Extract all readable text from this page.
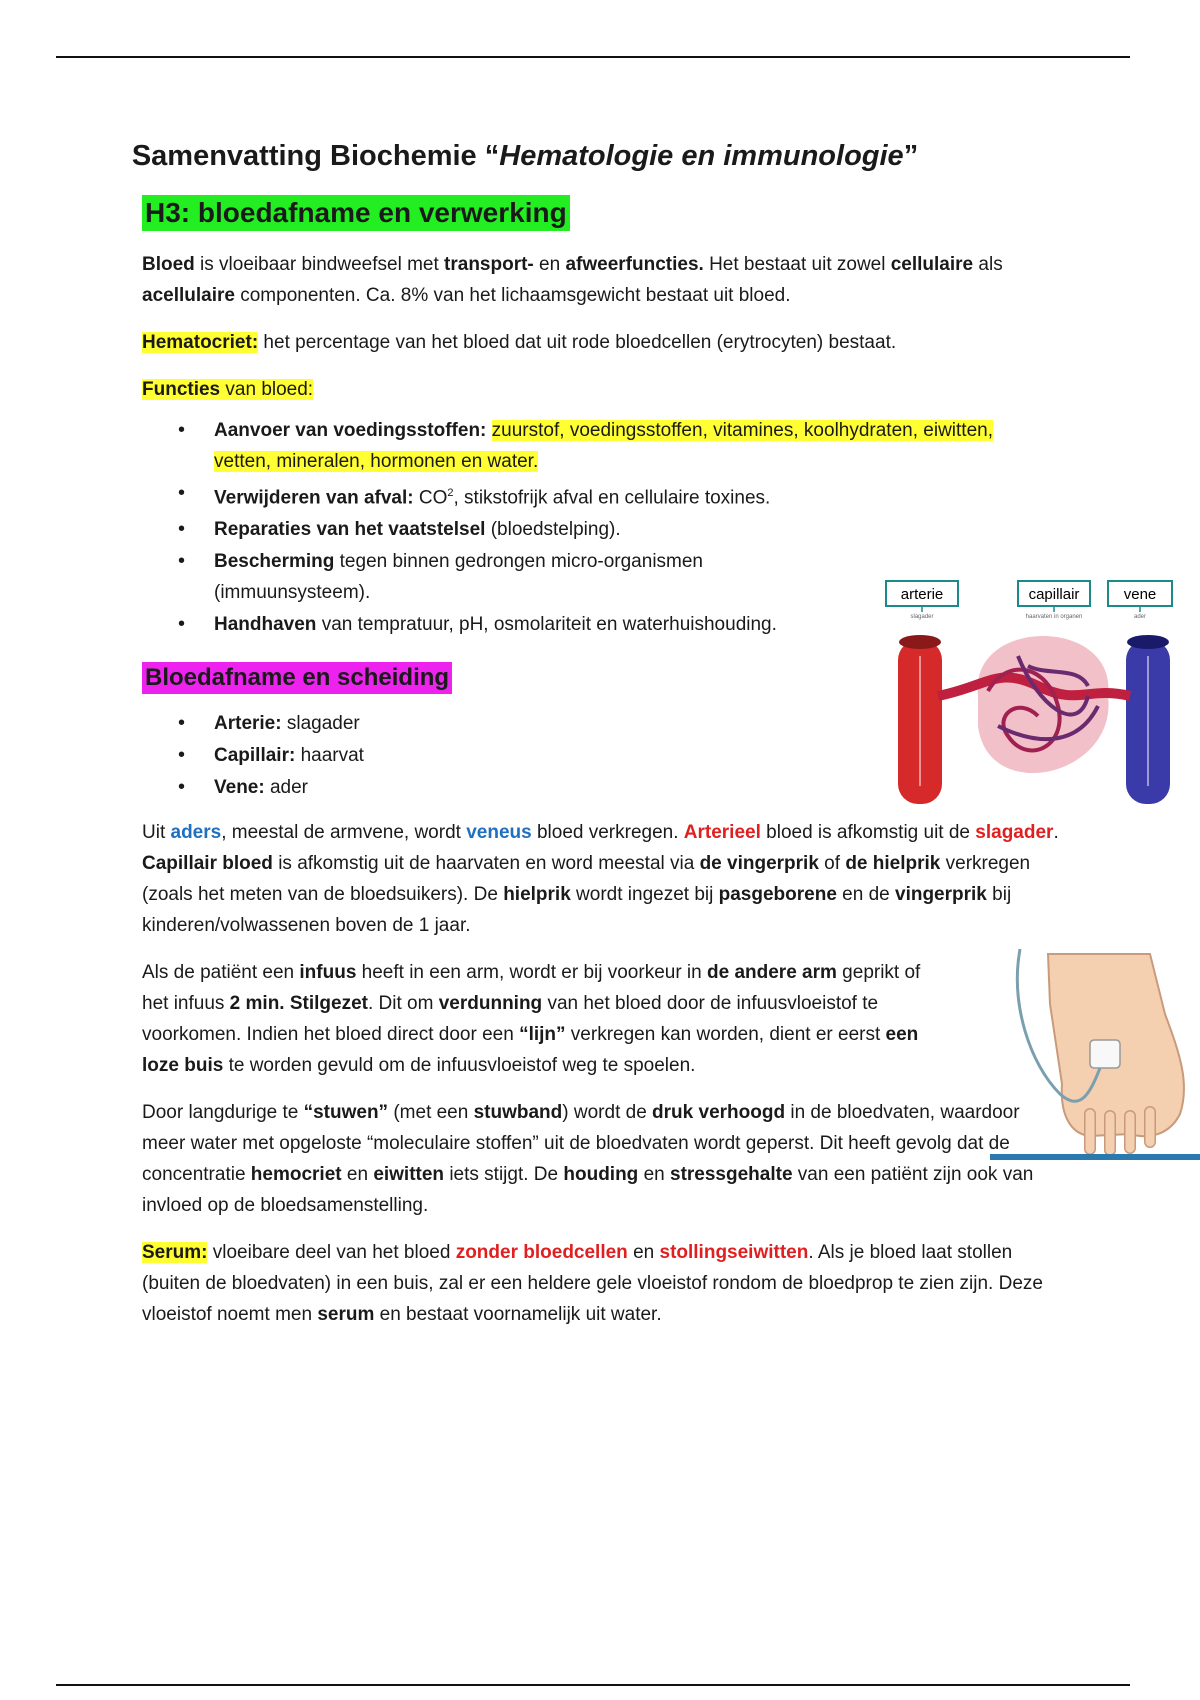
Samenvatting Biochemie “Hematologie en immunologie”
H3: bloedafname en verwerking

Bloed is vloeibaar bindweefsel met transport- en afweerfuncties. Het bestaat uit zowel cellulaire als acellulaire componenten. Ca. 8% van het lichaamsgewicht bestaat uit bloed.

Hematocriet: het percentage van het bloed dat uit rode bloedcellen (erytrocyten) bestaat.

Functies van bloed:

• Aanvoer van voedingsstoffen: zuurstof, voedingsstoffen, vitamines, koolhydraten, eiwitten, vetten, mineralen, hormonen en water.
• Verwijderen van afval: $CO^2$, stikstofrijk afval en cellulaire toxines.
• Reparaties van het vaatstelsel (bloedstelping).
• Bescherming tegen binnen gedrongen micro-organismen (immuunsysteem).
• Handhaven van tempratuur, pH, osmolariteit en waterhuishouding.
Bloedafname en scheiding
• Arterie: slagader
• Capillair: haarvat
• Vene: ader

Uit aders, meestal de armvene, wordt veneus bloed verkregen. Arterieel bloed is afkomstig uit de slagader. Capillair bloed is afkomstig uit de haarvaten en word meestal via de vingerprik of de hielprik verkregen (zoals het meten van de bloedsuikers). De hielprik wordt ingezet bij pasgeborene en de vingerprik bij kinderen/volwassenen boven de 1 jaar.

Als de patiënt een infuus heeft in een arm, wordt er bij voorkeur in de andere arm geprikt of het infuus 2 min. Stilgezet. Dit om verdunning van het bloed door de infuusvloeistof te voorkomen. Indien het bloed direct door een “lijn” verkregen kan worden, dient er eerst een loze buis te worden gevuld om de infuusvloeistof weg te spoelen.

Door langdurige te “stuwen” (met een stuwband) wordt de druk verhoogd in de bloedvaten, waardoor meer water met opgeloste “moleculaire stoffen” uit de bloedvaten wordt geperst. Dit heeft gevolg dat de concentratie hemocriet en eiwitten iets stijgt. De houding en stressgehalte van een patiënt zijn ook van invloed op de bloedsamenstelling.

Serum: vloeibare deel van het bloed zonder bloedcellen en stollingseiwitten. Als je bloed laat stollen (buiten de bloedvaten) in een buis, zal er een heldere gele vloeistof rondom de bloedprop te zien zijn. Deze vloeistof noemt men serum en bestaat voornamelijk uit water.

arterie	capillair	vene
slagader	haarvaten in organen	ader
